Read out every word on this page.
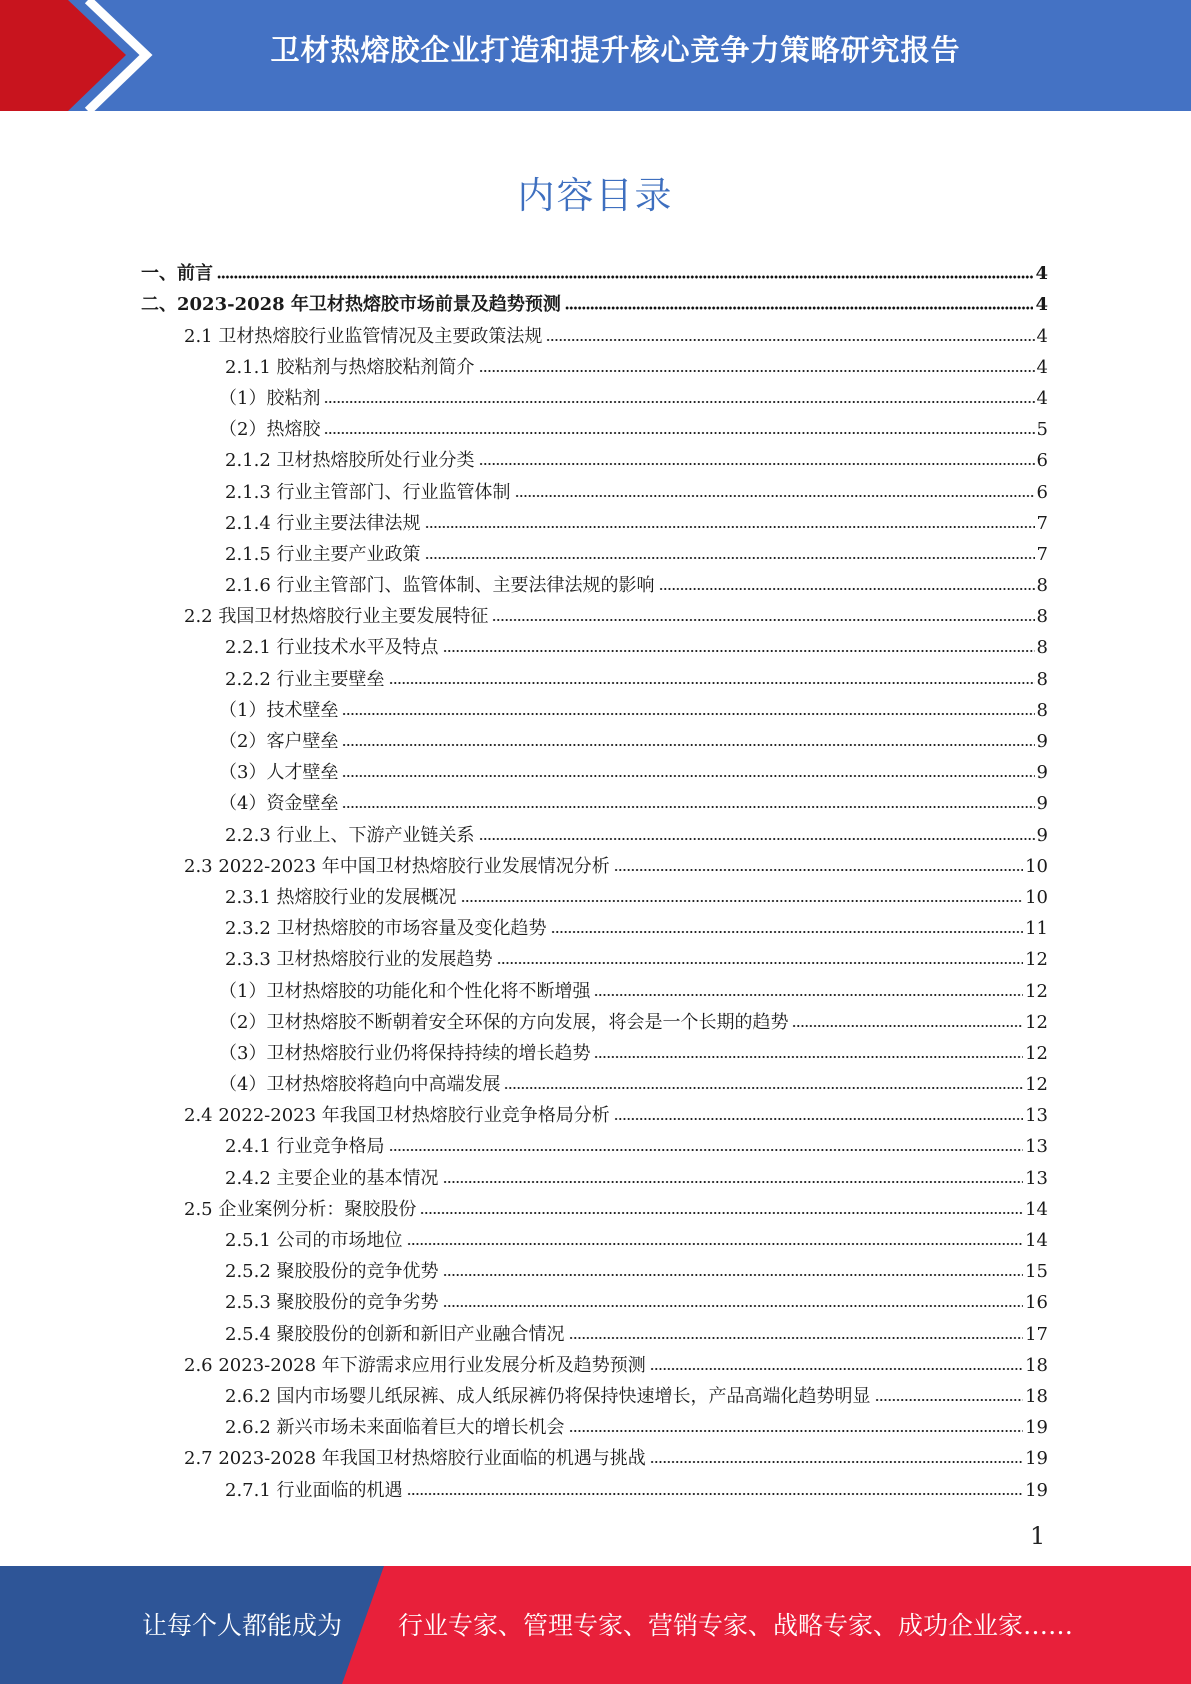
卫材热熔胶企业打造和提升核心竞争力策略研究报告
内容目录
一、前言	4
二、2023-2028 年卫材热熔胶市场前景及趋势预测	4
2.1 卫材热熔胶行业监管情况及主要政策法规	4
2.1.1 胶粘剂与热熔胶粘剂简介	4
（1）胶粘剂	4
（2）热熔胶	5
2.1.2 卫材热熔胶所处行业分类	6
2.1.3 行业主管部门、行业监管体制	6
2.1.4 行业主要法律法规	7
2.1.5 行业主要产业政策	7
2.1.6 行业主管部门、监管体制、主要法律法规的影响	8
2.2 我国卫材热熔胶行业主要发展特征	8
2.2.1 行业技术水平及特点	8
2.2.2 行业主要壁垒	8
（1）技术壁垒	8
（2）客户壁垒	9
（3）人才壁垒	9
（4）资金壁垒	9
2.2.3 行业上、下游产业链关系	9
2.3 2022-2023 年中国卫材热熔胶行业发展情况分析	10
2.3.1 热熔胶行业的发展概况	10
2.3.2 卫材热熔胶的市场容量及变化趋势	11
2.3.3 卫材热熔胶行业的发展趋势	12
（1）卫材热熔胶的功能化和个性化将不断增强	12
（2）卫材热熔胶不断朝着安全环保的方向发展，将会是一个长期的趋势	12
（3）卫材热熔胶行业仍将保持持续的增长趋势	12
（4）卫材热熔胶将趋向中高端发展	12
2.4 2022-2023 年我国卫材热熔胶行业竞争格局分析	13
2.4.1 行业竞争格局	13
2.4.2 主要企业的基本情况	13
2.5 企业案例分析：聚胶股份	14
2.5.1 公司的市场地位	14
2.5.2 聚胶股份的竞争优势	15
2.5.3 聚胶股份的竞争劣势	16
2.5.4 聚胶股份的创新和新旧产业融合情况	17
2.6 2023-2028 年下游需求应用行业发展分析及趋势预测	18
2.6.2 国内市场婴儿纸尿裤、成人纸尿裤仍将保持快速增长，产品高端化趋势明显	18
2.6.2 新兴市场未来面临着巨大的增长机会	19
2.7 2023-2028 年我国卫材热熔胶行业面临的机遇与挑战	19
2.7.1 行业面临的机遇	19
1
让每个人都能成为 行业专家、管理专家、营销专家、战略专家、成功企业家……
